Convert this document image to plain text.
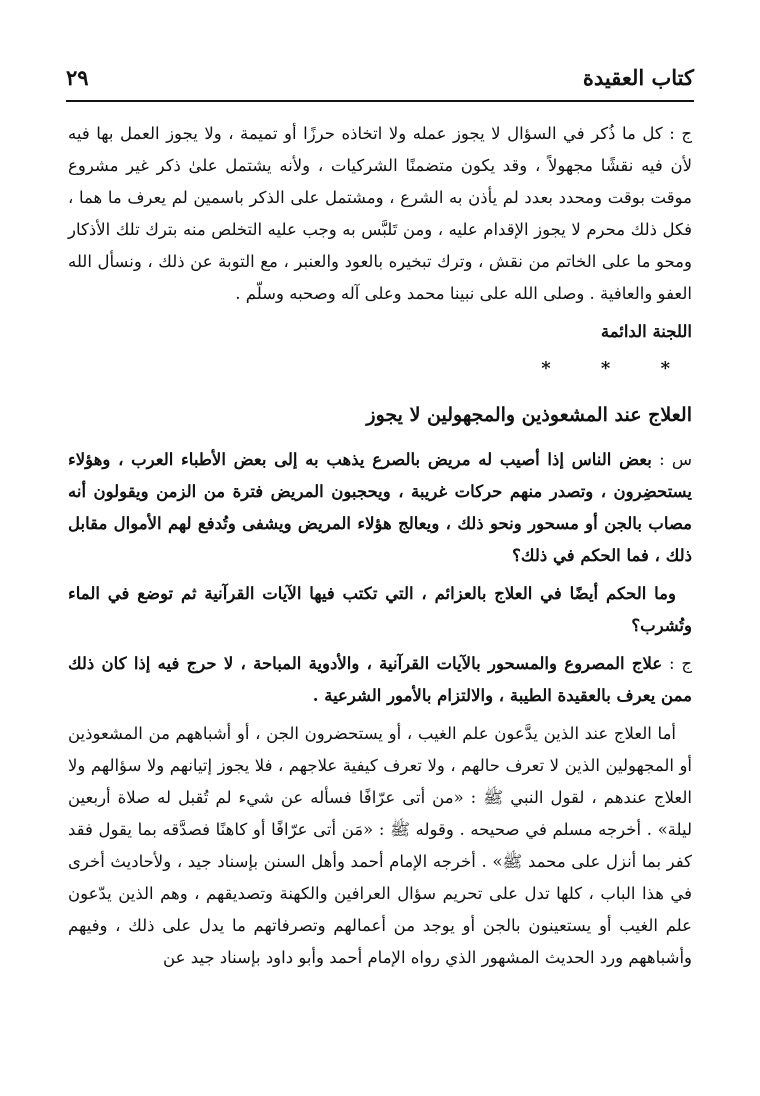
كتاب العقيدة
٢٩

ج : كل ما ذُكر في السؤال لا يجوز عمله ولا اتخاذه حرزًا أو تميمة ، ولا يجوز العمل بها فيه لأن فيه نقشًا مجهولاً ، وقد يكون متضمنًا الشركيات ، ولأنه يشتمل علىٰ ذكر غير مشروع موقت بوقت ومحدد بعدد لم يأذن به الشرع ، ومشتمل على الذكر باسمين لم يعرف ما هما ، فكل ذلك محرم لا يجوز الإقدام عليه ، ومن تَلبَّس به وجب عليه التخلص منه بترك تلك الأذكار ومحو ما على الخاتم من نقش ، وترك تبخيره بالعود والعنبر ، مع التوبة عن ذلك ، ونسأل الله العفو والعافية . وصلى الله على نبينا محمد وعلى آله وصحبه وسلّم .

اللجنة الدائمة
* * *
العلاج عند المشعوذين والمجهولين لا يجوز

س : بعض الناس إذا أصيب له مريض بالصرع يذهب به إلى بعض الأطباء العرب ، وهؤلاء يستحضِرون ، وتصدر منهم حركات غريبة ، ويحجبون المريض فترة من الزمن ويقولون أنه مصاب بالجن أو مسحور ونحو ذلك ، ويعالج هؤلاء المريض ويشفى وتُدفع لهم الأموال مقابل ذلك ، فما الحكم في ذلك؟

وما الحكم أيضًا في العلاج بالعزائم ، التي تكتب فيها الآيات القرآنية ثم توضع في الماء وتُشرب؟

ج : علاج المصروع والمسحور بالآيات القرآنية ، والأدوية المباحة ، لا حرج فيه إذا كان ذلك ممن يعرف بالعقيدة الطيبة ، والالتزام بالأمور الشرعية .

أما العلاج عند الذين يدَّعون علم الغيب ، أو يستحضرون الجن ، أو أشباههم من المشعوذين أو المجهولين الذين لا تعرف حالهم ، ولا تعرف كيفية علاجهم ، فلا يجوز إتيانهم ولا سؤالهم ولا العلاج عندهم ، لقول النبي ﷺ : «من أتى عرّافًا فسأله عن شيء لم تُقبل له صلاة أربعين ليلة» . أخرجه مسلم في صحيحه . وقوله ﷺ : «مَن أتى عرّافًا أو كاهنًا فصدَّقه بما يقول فقد كفر بما أنزل على محمد ﷺ» . أخرجه الإمام أحمد وأهل السنن بإسناد جيد ، ولأحاديث أخرى في هذا الباب ، كلها تدل على تحريم سؤال العرافين والكهنة وتصديقهم ، وهم الذين يدّعون علم الغيب أو يستعينون بالجن أو يوجد من أعمالهم وتصرفاتهم ما يدل على ذلك ، وفيهم وأشباههم ورد الحديث المشهور الذي رواه الإمام أحمد وأبو داود بإسناد جيد عن
